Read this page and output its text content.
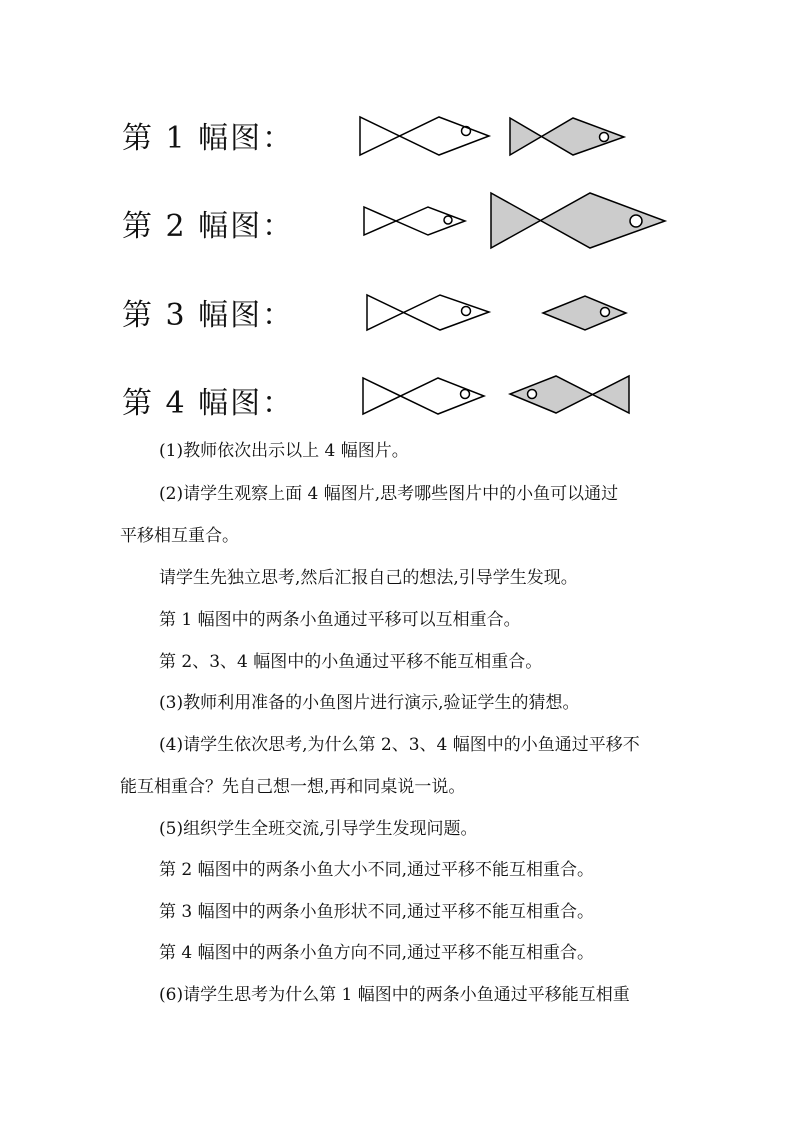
第 1 幅图：
第 2 幅图：
第 3 幅图：
第 4 幅图：
(1)教师依次出示以上 4 幅图片。
(2)请学生观察上面 4 幅图片,思考哪些图片中的小鱼可以通过
平移相互重合。
请学生先独立思考,然后汇报自己的想法,引导学生发现。
第 1 幅图中的两条小鱼通过平移可以互相重合。
第 2、3、4 幅图中的小鱼通过平移不能互相重合。
(3)教师利用准备的小鱼图片进行演示,验证学生的猜想。
(4)请学生依次思考,为什么第 2、3、4 幅图中的小鱼通过平移不
能互相重合？先自己想一想,再和同桌说一说。
(5)组织学生全班交流,引导学生发现问题。
第 2 幅图中的两条小鱼大小不同,通过平移不能互相重合。
第 3 幅图中的两条小鱼形状不同,通过平移不能互相重合。
第 4 幅图中的两条小鱼方向不同,通过平移不能互相重合。
(6)请学生思考为什么第 1 幅图中的两条小鱼通过平移能互相重
